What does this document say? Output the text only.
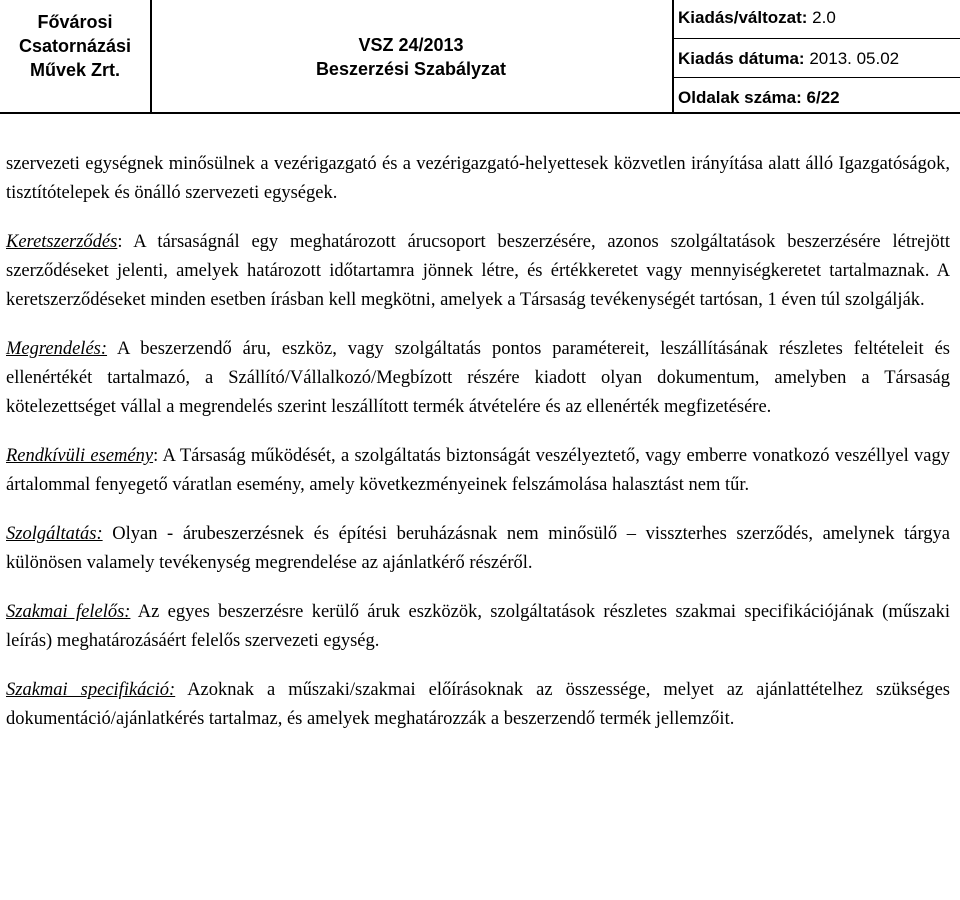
Fővárosi
Csatornázási
Művek Zrt.
VSZ 24/2013
Beszerzési Szabályzat
Kiadás/változat: 2.0
Kiadás dátuma: 2013. 05.02
Oldalak száma: 6/22

szervezeti egységnek minősülnek a vezérigazgató és a vezérigazgató-helyettesek közvetlen irányítása alatt álló Igazgatóságok, tisztítótelepek és önálló szervezeti egységek.

Keretszerződés: A társaságnál egy meghatározott árucsoport beszerzésére, azonos szolgáltatások beszerzésére létrejött szerződéseket jelenti, amelyek határozott időtartamra jönnek létre, és értékkeretet vagy mennyiségkeretet tartalmaznak. A keretszerződéseket minden esetben írásban kell megkötni, amelyek a Társaság tevékenységét tartósan, 1 éven túl szolgálják.

Megrendelés: A beszerzendő áru, eszköz, vagy szolgáltatás pontos paramétereit, leszállításának részletes feltételeit és ellenértékét tartalmazó, a Szállító/Vállalkozó/Megbízott részére kiadott olyan dokumentum, amelyben a Társaság kötelezettséget vállal a megrendelés szerint leszállított termék átvételére és az ellenérték megfizetésére.

Rendkívüli esemény: A Társaság működését, a szolgáltatás biztonságát veszélyeztető, vagy emberre vonatkozó veszéllyel vagy ártalommal fenyegető váratlan esemény, amely következményeinek felszámolása halasztást nem tűr.

Szolgáltatás: Olyan - árubeszerzésnek és építési beruházásnak nem minősülő – visszterhes szerződés, amelynek tárgya különösen valamely tevékenység megrendelése az ajánlatkérő részéről.

Szakmai felelős: Az egyes beszerzésre kerülő áruk eszközök, szolgáltatások részletes szakmai specifikációjának (műszaki leírás) meghatározásáért felelős szervezeti egység.

Szakmai specifikáció: Azoknak a műszaki/szakmai előírásoknak az összessége, melyet az ajánlattételhez szükséges dokumentáció/ajánlatkérés tartalmaz, és amelyek meghatározzák a beszerzendő termék jellemzőit.
